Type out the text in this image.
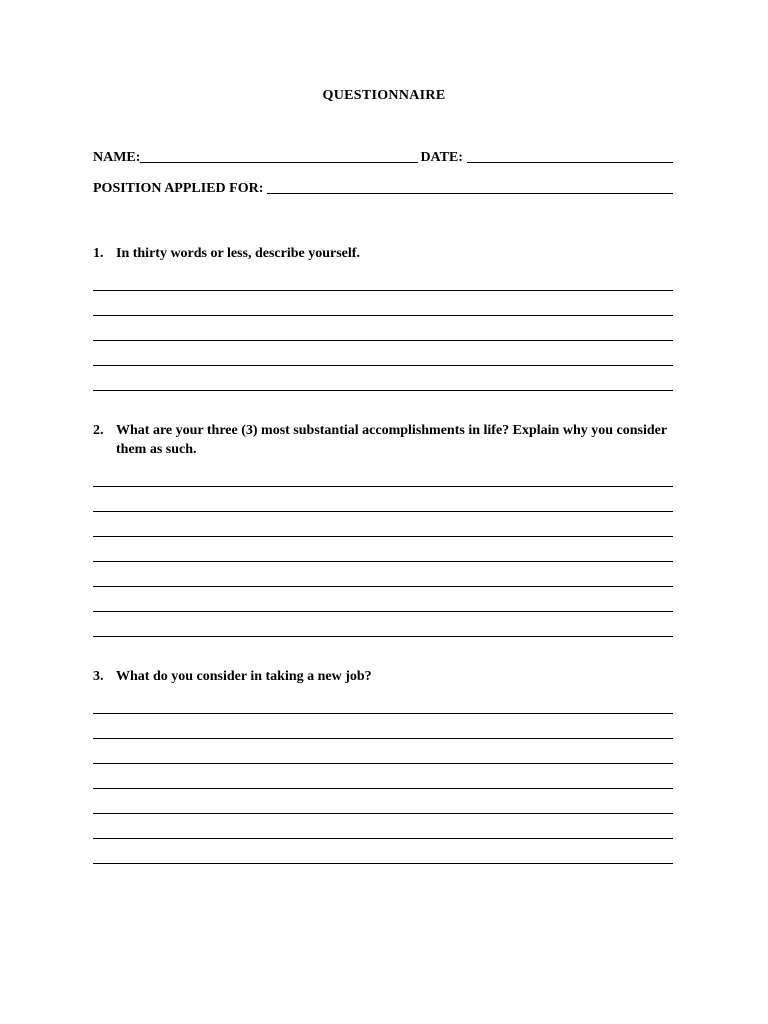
QUESTIONNAIRE
NAME:	DATE:
POSITION APPLIED FOR:
1. In thirty words or less, describe yourself.
2. What are your three (3) most substantial accomplishments in life? Explain why you consider them as such.
3. What do you consider in taking a new job?
